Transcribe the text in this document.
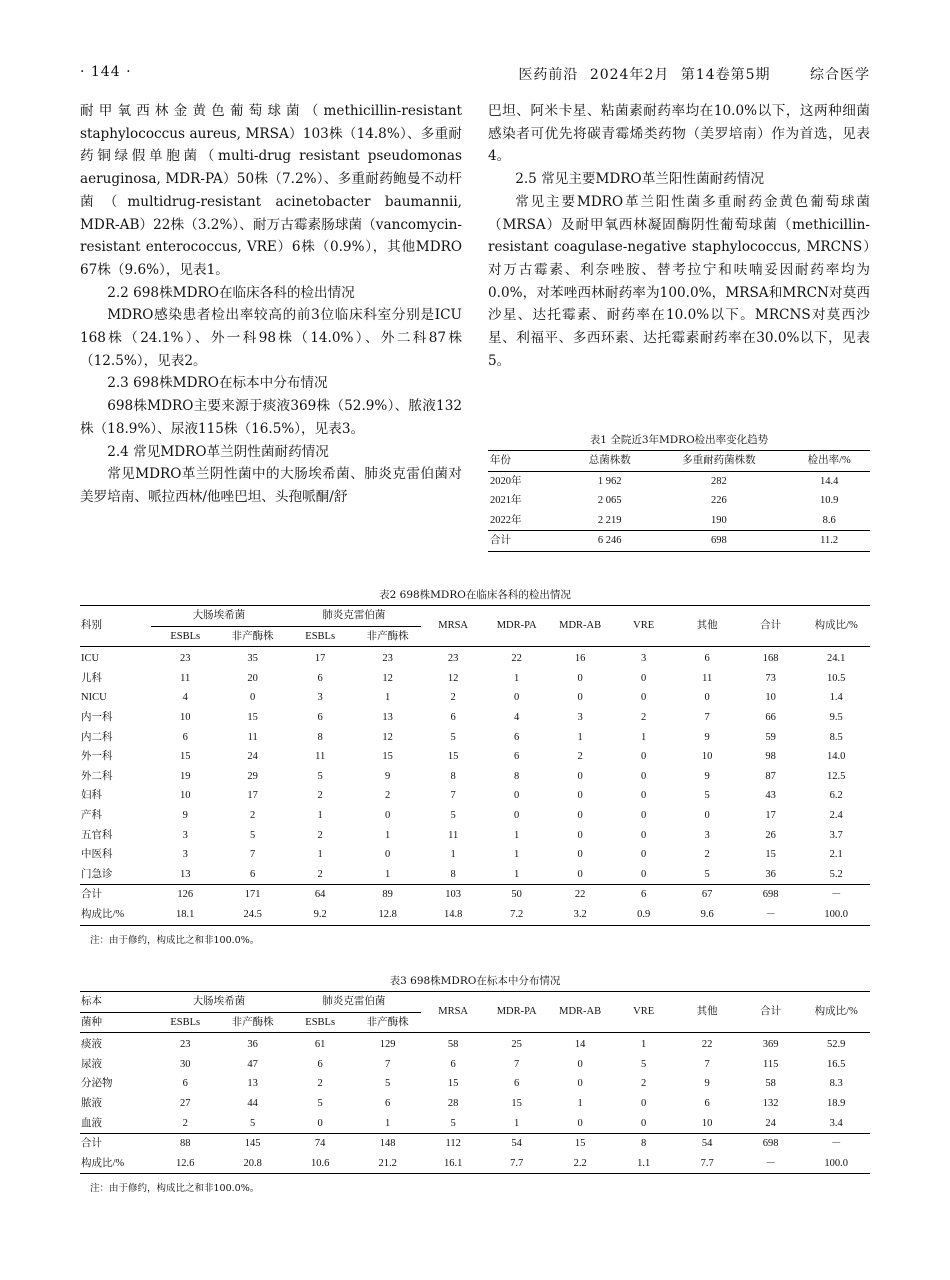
· 144 ·	医药前沿 2024年2月 第14卷第5期	综合医学

耐甲氧西林金黄色葡萄球菌（methicillin-resistant staphylococcus aureus, MRSA）103株（14.8%）、多重耐药铜绿假单胞菌（multi-drug resistant pseudomonas aeruginosa, MDR-PA）50株（7.2%）、多重耐药鲍曼不动杆菌（multidrug-resistant acinetobacter baumannii, MDR-AB）22株（3.2%）、耐万古霉素肠球菌（vancomycin-resistant enterococcus, VRE）6株（0.9%），其他MDRO 67株（9.6%），见表1。

2.2 698株MDRO在临床各科的检出情况

MDRO感染患者检出率较高的前3位临床科室分别是ICU 168株（24.1%）、外一科98株（14.0%）、外二科87株（12.5%），见表2。

2.3 698株MDRO在标本中分布情况

698株MDRO主要来源于痰液369株（52.9%）、脓液132株（18.9%）、尿液115株（16.5%），见表3。

2.4 常见MDRO革兰阴性菌耐药情况

常见MDRO革兰阴性菌中的大肠埃希菌、肺炎克雷伯菌对美罗培南、哌拉西林/他唑巴坦、头孢哌酮/舒

巴坦、阿米卡星、粘菌素耐药率均在10.0%以下，这两种细菌感染者可优先将碳青霉烯类药物（美罗培南）作为首选，见表4。

2.5 常见主要MDRO革兰阳性菌耐药情况

常见主要MDRO革兰阳性菌多重耐药金黄色葡萄球菌（MRSA）及耐甲氧西林凝固酶阴性葡萄球菌（methicillin-resistant coagulase-negative staphylococcus, MRCNS）对万古霉素、利奈唑胺、替考拉宁和呋喃妥因耐药率均为0.0%，对苯唑西林耐药率为100.0%，MRSA和MRCN对莫西沙星、达托霉素、耐药率在10.0%以下。MRCNS对莫西沙星、利福平、多西环素、达托霉素耐药率在30.0%以下，见表5。

表1 全院近3年MDRO检出率变化趋势

年份	总菌株数	多重耐药菌株数	检出率/%
2020年	1 962	282	14.4
2021年	2 065	226	10.9
2022年	2 219	190	8.6
合计	6 246	698	11.2

表2 698株MDRO在临床各科的检出情况

科别	大肠埃希菌		肺炎克雷伯菌		MRSA	MDR-PA	MDR-AB	VRE	其他	合计	构成比/%
	ESBLs	非产酶株	ESBLs	非产酶株							
ICU	23	35	17	23	23	22	16	3	6	168	24.1
儿科	11	20	6	12	12	1	0	0	11	73	10.5
NICU	4	0	3	1	2	0	0	0	0	10	1.4
内一科	10	15	6	13	6	4	3	2	7	66	9.5
内二科	6	11	8	12	5	6	1	1	9	59	8.5
外一科	15	24	11	15	15	6	2	0	10	98	14.0
外二科	19	29	5	9	8	8	0	0	9	87	12.5
妇科	10	17	2	2	7	0	0	0	5	43	6.2
产科	9	2	1	0	5	0	0	0	0	17	2.4
五官科	3	5	2	1	11	1	0	0	3	26	3.7
中医科	3	7	1	0	1	1	0	0	2	15	2.1
门急诊	13	6	2	1	8	1	0	0	5	36	5.2
合计	126	171	64	89	103	50	22	6	67	698	－
构成比/%	18.1	24.5	9.2	12.8	14.8	7.2	3.2	0.9	9.6	－	100.0

注：由于修约，构成比之和非100.0%。

表3 698株MDRO在标本中分布情况

标本	大肠埃希菌		肺炎克雷伯菌		MRSA	MDR-PA	MDR-AB	VRE	其他	合计	构成比/%
菌种	ESBLs	非产酶株	ESBLs	非产酶株							
痰液	23	36	61	129	58	25	14	1	22	369	52.9
尿液	30	47	6	7	6	7	0	5	7	115	16.5
分泌物	6	13	2	5	15	6	0	2	9	58	8.3
脓液	27	44	5	6	28	15	1	0	6	132	18.9
血液	2	5	0	1	5	1	0	0	10	24	3.4
合计	88	145	74	148	112	54	15	8	54	698	－
构成比/%	12.6	20.8	10.6	21.2	16.1	7.7	2.2	1.1	7.7	－	100.0

注：由于修约，构成比之和非100.0%。
